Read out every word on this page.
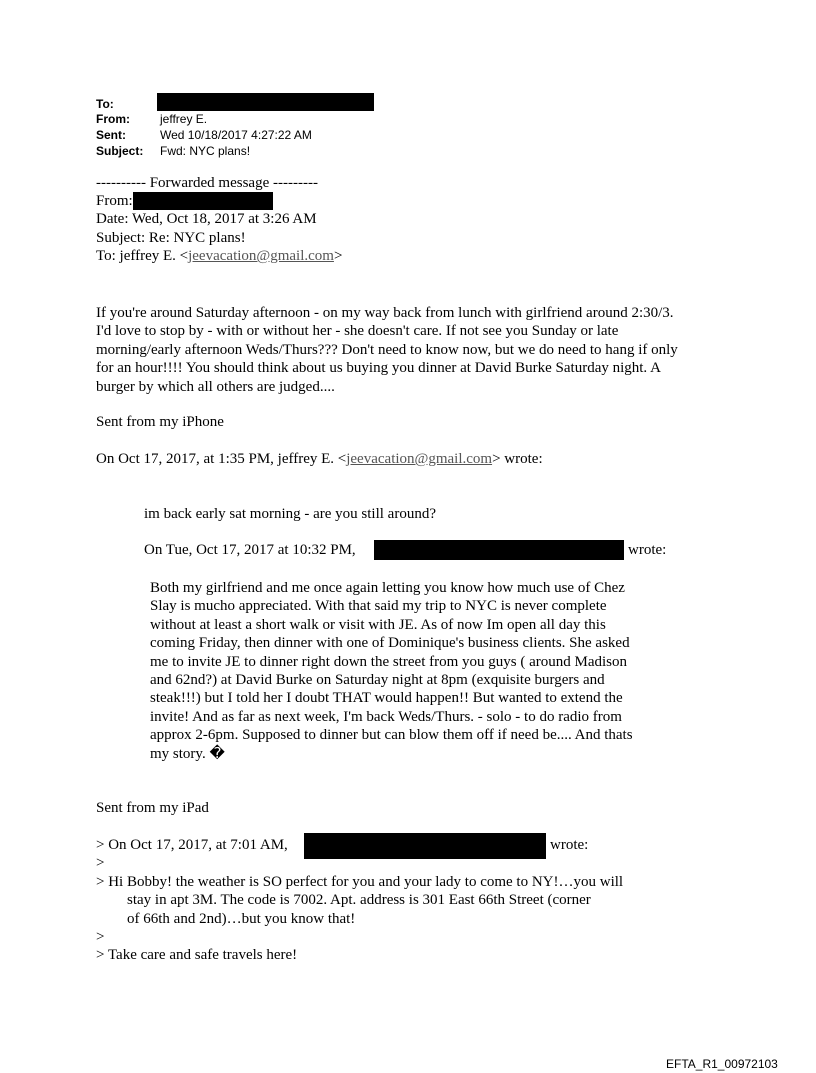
To:
From:	jeffrey E.
Sent:	Wed 10/18/2017 4:27:22 AM
Subject: Fwd: NYC plans!
---------- Forwarded message ---------
From:
Date: Wed, Oct 18, 2017 at 3:26 AM
Subject: Re: NYC plans!
To: jeffrey E. <jeevacation@gmail.com>
If you're around Saturday afternoon - on my way back from lunch with girlfriend around 2:30/3.
I'd love to stop by - with or without her - she doesn't care. If not see you Sunday or late
morning/early afternoon Weds/Thurs??? Don't need to know now, but we do need to hang if only
for an hour!!!! You should think about us buying you dinner at David Burke Saturday night. A
burger by which all others are judged....
Sent from my iPhone
On Oct 17, 2017, at 1:35 PM, jeffrey E. <jeevacation@gmail.com> wrote:
im back early sat morning - are you still around?
On Tue, Oct 17, 2017 at 10:32 PM,	wrote:
Both my girlfriend and me once again letting you know how much use of Chez
Slay is mucho appreciated. With that said my trip to NYC is never complete
without at least a short walk or visit with JE. As of now Im open all day this
coming Friday, then dinner with one of Dominique's business clients. She asked
me to invite JE to dinner right down the street from you guys ( around Madison
and 62nd?) at David Burke on Saturday night at 8pm (exquisite burgers and
steak!!!) but I told her I doubt THAT would happen!! But wanted to extend the
invite! And as far as next week, I'm back Weds/Thurs. - solo - to do radio from
approx 2-6pm. Supposed to dinner but can blow them off if need be.... And thats
my story. �
Sent from my iPad
> On Oct 17, 2017, at 7:01 AM,	wrote:
>
> Hi Bobby! the weather is SO perfect for you and your lady to come to NY!…you will
stay in apt 3M. The code is 7002. Apt. address is 301 East 66th Street (corner
of 66th and 2nd)…but you know that!
>
> Take care and safe travels here!
EFTA_R1_00972103
